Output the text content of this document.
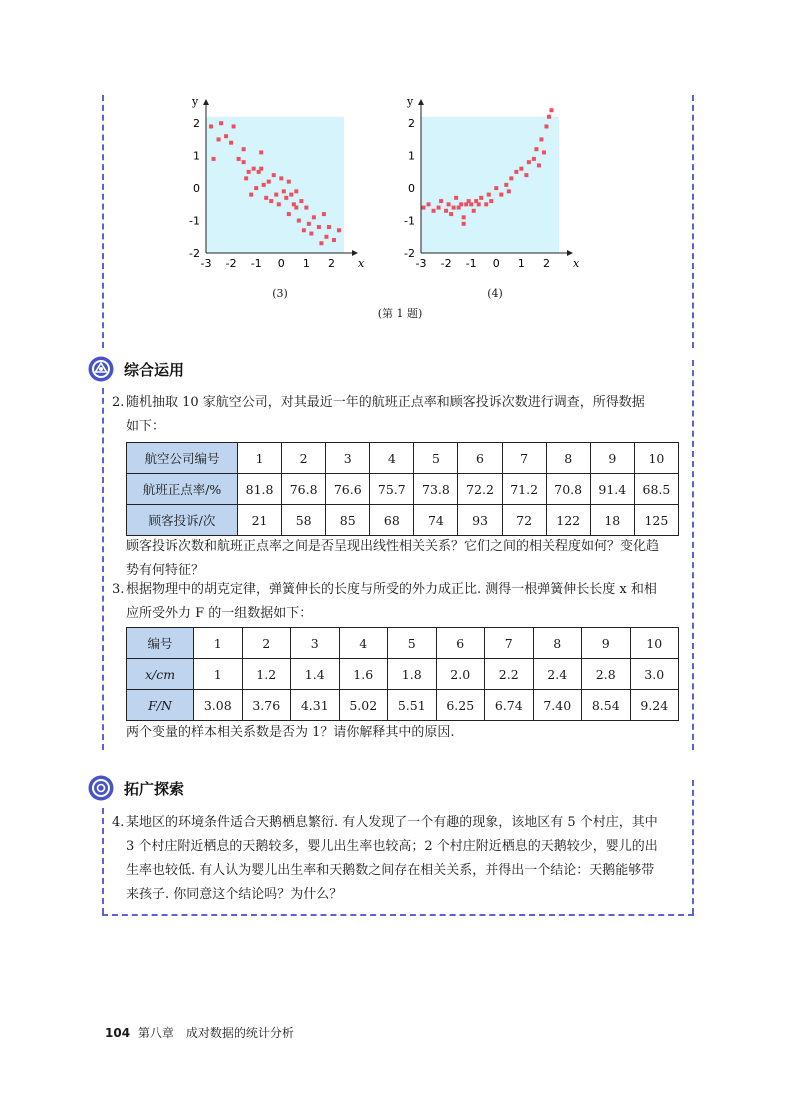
x
y
-3 -2 -1 0 1 2
-2
-1
0
1
2
x
y
-3 -2 -1 0 1 2
-2
-1
0
1
2
(3)	(4)
(第 1 题)
综合运用
2. 随机抽取 10 家航空公司，对其最近一年的航班正点率和顾客投诉次数进行调查，所得数据
如下：
航空公司编号	1	2	3	4	5	6	7	8	9	10
航班正点率/%	81.8	76.8	76.6	75.7	73.8	72.2	71.2	70.8	91.4	68.5
顾客投诉/次	21	58	85	68	74	93	72	122	18	125
顾客投诉次数和航班正点率之间是否呈现出线性相关关系？它们之间的相关程度如何？变化趋
势有何特征？
3. 根据物理中的胡克定律，弹簧伸长的长度与所受的外力成正比. 测得一根弹簧伸长长度 x 和相
应所受外力 F 的一组数据如下：
编号	1	2	3	4	5	6	7	8	9	10
x/cm	1	1.2	1.4	1.6	1.8	2.0	2.2	2.4	2.8	3.0
F/N	3.08	3.76	4.31	5.02	5.51	6.25	6.74	7.40	8.54	9.24
两个变量的样本相关系数是否为 1？请你解释其中的原因.
拓广探索
4. 某地区的环境条件适合天鹅栖息繁衍. 有人发现了一个有趣的现象，该地区有 5 个村庄，其中
3 个村庄附近栖息的天鹅较多，婴儿出生率也较高；2 个村庄附近栖息的天鹅较少，婴儿的出
生率也较低. 有人认为婴儿出生率和天鹅数之间存在相关关系，并得出一个结论：天鹅能够带
来孩子. 你同意这个结论吗？为什么？
104 第八章　成对数据的统计分析
